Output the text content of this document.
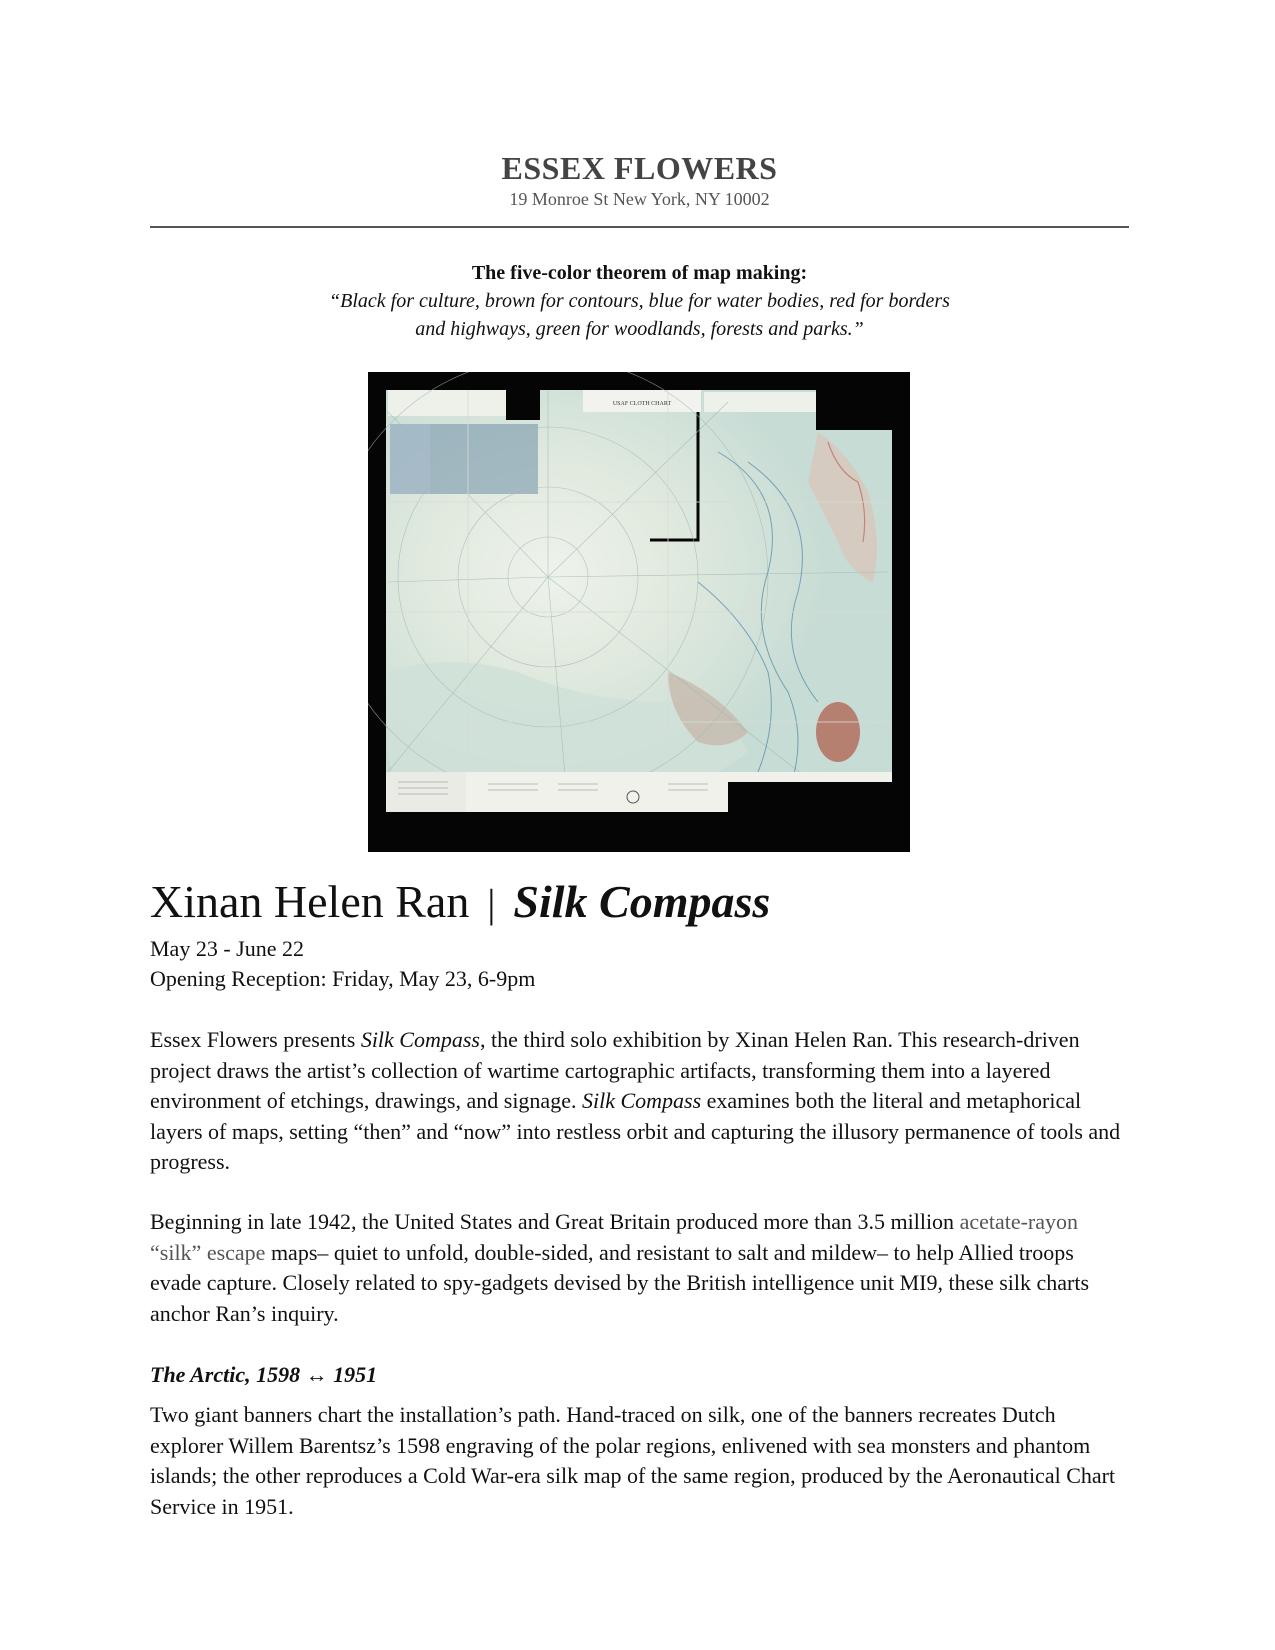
ESSEX FLOWERS
19 Monroe St New York, NY 10002
The five-color theorem of map making:
“Black for culture, brown for contours, blue for water bodies, red for borders
and highways, green for woodlands, forests and parks.”
USAF CLOTH CHART
Xinan Helen Ran | Silk Compass
May 23 - June 22
Opening Reception: Friday, May 23, 6-9pm

Essex Flowers presents Silk Compass, the third solo exhibition by Xinan Helen Ran. This research-driven project draws the artist’s collection of wartime cartographic artifacts, transforming them into a layered environment of etchings, drawings, and signage. Silk Compass examines both the literal and metaphorical layers of maps, setting “then” and “now” into restless orbit and capturing the illusory permanence of tools and progress.

Beginning in late 1942, the United States and Great Britain produced more than 3.5 million acetate-rayon “silk” escape maps– quiet to unfold, double-sided, and resistant to salt and mildew– to help Allied troops evade capture. Closely related to spy-gadgets devised by the British intelligence unit MI9, these silk charts anchor Ran’s inquiry.

The Arctic, 1598 ↔ 1951

Two giant banners chart the installation’s path. Hand-traced on silk, one of the banners recreates Dutch explorer Willem Barentsz’s 1598 engraving of the polar regions, enlivened with sea monsters and phantom islands; the other reproduces a Cold War-era silk map of the same region, produced by the Aeronautical Chart Service in 1951.
